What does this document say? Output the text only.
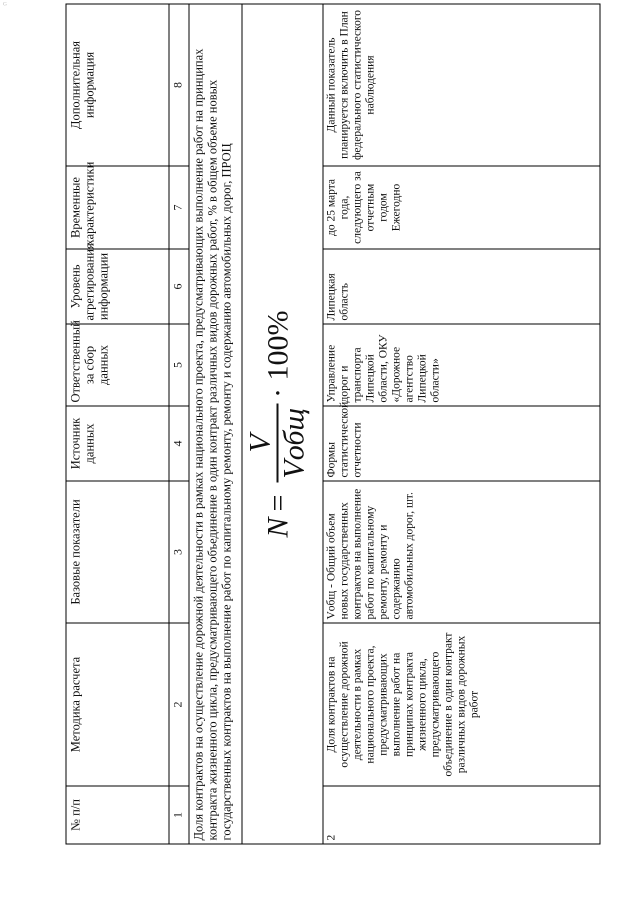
ᴳ
№ п/п	Методика расчета	Базовые показатели	Источник данных	Ответственный за сбор данных	Уровень агрегирования информации	Временные характеристики	Дополнительная информация
1	2	3	4	5	6	7	8
Доля контрактов на осуществление дорожной деятельности в рамках национального проекта, предусматривающих выполнение работ на принципах контракта жизненного цикла, предусматривающего объединение в один контракт различных видов дорожных работ, % в общем объеме новых государственных контрактов на выполнение работ по капитальному ремонту, ремонту и содержанию автомобильных дорог, ПРОЦ							

N
=
V Vобщ
· 100%							

2	Доля контрактов на осуществление дорожной деятельности в рамках национального проекта, предусматривающих выполнение работ на принципах контракта жизненного цикла, предусматривающего объединение в один контракт различных видов дорожных работ	Vобщ - Общий объем новых государственных контрактов на выполнение работ по капитальному ремонту, ремонту и содержанию автомобильных дорог, шт.	Формы статистической отчетности	Управление дорог и транспорта Липецкой области, ОКУ «Дорожное агентство Липецкой области»	Липецкая область	до 25 марта года, следующего за отчетным годом Ежегодно	Данный показатель планируется включить в План федерального статистического наблюдения
